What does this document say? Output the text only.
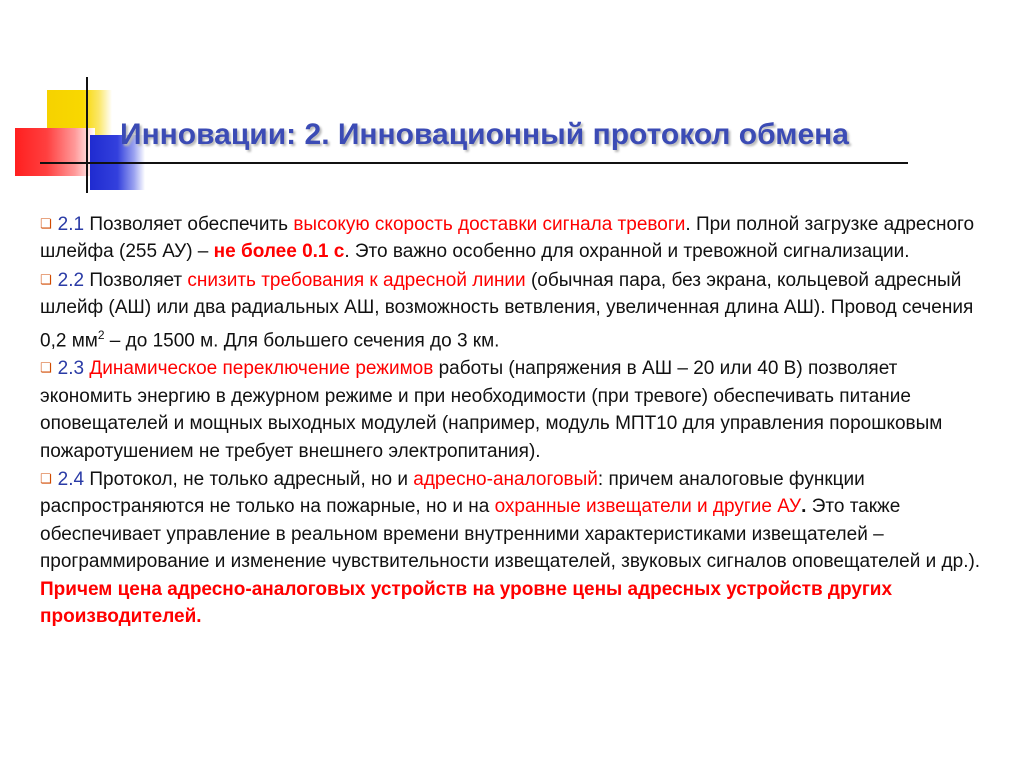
Инновации: 2. Инновационный протокол обмена

❏ 2.1 Позволяет обеспечить высокую скорость доставки сигнала тревоги. При полной загрузке адресного шлейфа (255 АУ) – не более 0.1 с. Это важно особенно для охранной и тревожной сигнализации.

❏ 2.2 Позволяет снизить требования к адресной линии (обычная пара, без экрана, кольцевой адресный шлейф (АШ) или два радиальных АШ, возможность ветвления, увеличенная длина АШ). Провод сечения 0,2 $мм^2$ – до 1500 м. Для большего сечения до 3 км.

❏ 2.3 Динамическое переключение режимов работы (напряжения в АШ – 20 или 40 В) позволяет экономить энергию в дежурном режиме и при необходимости (при тревоге) обеспечивать питание оповещателей и мощных выходных модулей (например, модуль МПТ10 для управления порошковым пожаротушением не требует внешнего электропитания).

❏ 2.4 Протокол, не только адресный, но и адресно-аналоговый: причем аналоговые функции распространяются не только на пожарные, но и на охранные извещатели и другие АУ. Это также обеспечивает управление в реальном времени внутренними характеристиками извещателей – программирование и изменение чувствительности извещателей, звуковых сигналов оповещателей и др.). Причем цена адресно-аналоговых устройств на уровне цены адресных устройств других производителей.
